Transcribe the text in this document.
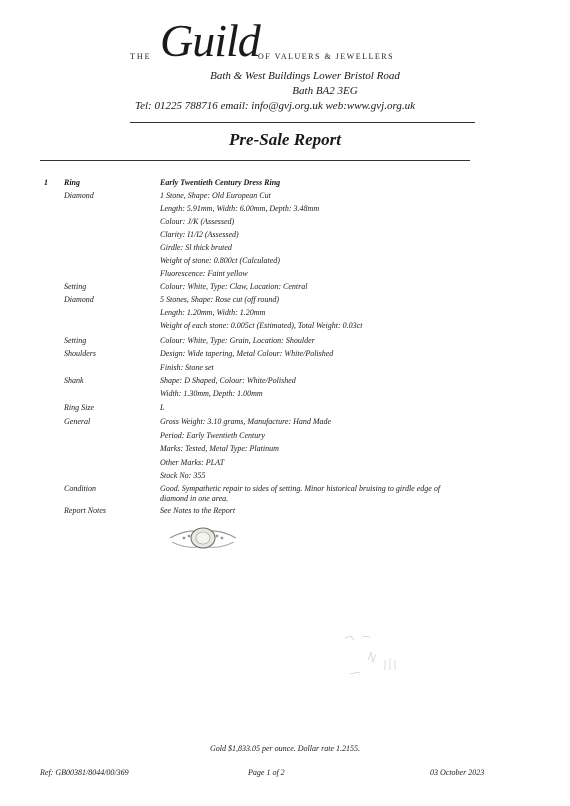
THE Guild
OF VALUERS & JEWELLERS
Bath & West Buildings Lower Bristol Road
Bath BA2 3EG
Tel: 01225 788716 email: info@gvj.org.uk web:www.gvj.org.uk
Pre-Sale Report
1 Ring	Early Twentieth Century Dress Ring
Diamond	1 Stone, Shape: Old European Cut
Length: 5.91mm, Width: 6.00mm, Depth: 3.48mm
Colour: J/K (Assessed)
Clarity: I1/I2 (Assessed)
Girdle: Sl thick bruted
Weight of stone: 0.800ct (Calculated)
Fluorescence: Faint yellow
Setting	Colour: White, Type: Claw, Location: Central
Diamond	5 Stones, Shape: Rose cut (off round)
Length: 1.20mm, Width: 1.20mm
Weight of each stone: 0.005ct (Estimated), Total Weight: 0.03ct
Setting	Colour: White, Type: Grain, Location: Shoulder
Shoulders	Design: Wide tapering, Metal Colour: White/Polished
Finish: Stone set
Shank	Shape: D Shaped, Colour: White/Polished
Width: 1.30mm, Depth: 1.00mm
Ring Size	L
General	Gross Weight: 3.10 grams, Manufacture: Hand Made
Period: Early Twentieth Century
Marks: Tested, Metal Type: Platinum
Other Marks: PLAT
Stock No: 355
Condition	Good. Sympathetic repair to sides of setting. Minor historical bruising to girdle edge of diamond in one area.
Report Notes	See Notes to the Report
Gold $1,833.05 per ounce. Dollar rate 1.2155.
Ref: GB00381/8044/00/369	Page 1 of 2	03 October 2023
